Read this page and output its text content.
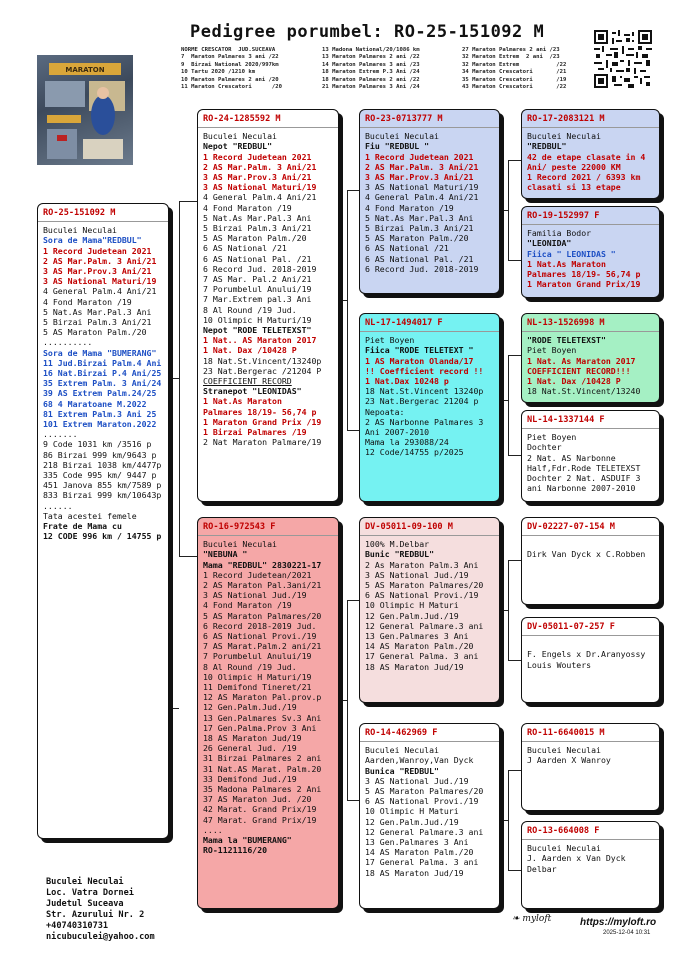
Pedigree porumbel: RO-25-151092 M
NORME CRESCATOR  JUD.SUCEAVA
7  Maraton Palmares 3 ani /22
9  Birzai National 2020/997km
10 Tartu 2020 /1210 km
10 Maraton Palmares 2 ani /20
11 Maraton Crescatori      /20
13 Madona National/20/1086 km
13 Maraton Palmares 2 ani /22
14 Maraton Palmares 3 ani /23
18 Maraton Extrem P.3 Ani /24
18 Maraton Palmares 2 ani /22
21 Maraton Palmares 3 Ani /24
27 Maraton Palmares 2 ani /23
32 Maraton Extrem  2 ani  /23
32 Maraton Extrem           /22
34 Maraton Crescatori       /21
35 Maraton Crescatori       /19
43 Maraton Crescatori       /22
MARATON
RO-25-151092 M
Buculei Neculai
Sora de Mama"REDBUL"
1 Record Judetean 2021
2 AS Mar.Palm. 3 Ani/21
3 AS Mar.Prov.3 Ani/21
3 AS National Maturi/19
4 General Palm.4 Ani/21
4 Fond Maraton /19
5 Nat.As Mar.Pal.3 Ani
5 Birzai Palm.3 Ani/21
5 AS Maraton Palm./20
..........
Sora de Mama "BUMERANG"
11 Jud.Birzai Palm.4 Ani
16 Nat.Birzai P.4 Ani/25
35 Extrem Palm. 3 Ani/24
39 AS Extrem Palm.24/25
68 4 Maratoane M.2022
81 Extrem Palm.3 Ani 25
101 Extrem Maraton.2022
.......
9 Code 1031 km /3516 p
86 Birzai 999 km/9643 p
218 Birzai 1038 km/4477p
335 Code 995 km/ 9447 p
451 Janova 855 km/7589 p
833 Birzai 999 km/10643p
......
Tata acestei femele
Frate de Mama cu
12 CODE 996 km / 14755 p
RO-24-1285592 M
Buculei Neculai
Nepot "REDBUL"
1 Record Judetean 2021
2 AS Mar.Palm. 3 Ani/21
3 AS Mar.Prov.3 Ani/21
3 AS National Maturi/19
4 General Palm.4 Ani/21
4 Fond Maraton /19
5 Nat.As Mar.Pal.3 Ani
5 Birzai Palm.3 Ani/21
5 AS Maraton Palm./20
6 AS National /21
6 AS National Pal. /21
6 Record Jud. 2018-2019
7 AS Mar. Pal.2 Ani/21
7 Porumbelul Anului/19
7 Mar.Extrem pal.3 Ani
8 Al Round /19 Jud.
10 Olimpic H Maturi/19
Nepot "RODE TELETEXST"
1 Nat.. AS Maraton 2017
1 Nat. Dax /10428 P
18 Nat.St.Vincent/13240p
23 Nat.Bergerac /21204 P
COEFFICIENT RECORD
Stranepot "LEONIDAS"
1 Nat.As Maraton
Palmares 18/19- 56,74 p
1 Maraton Grand Prix /19
1 Birzai Palmares /19
2 Nat Maraton Palmare/19
RO-16-972543 F
Buculei Neculai
"NEBUNA "
Mama "REDBUL" 2830221-17
1 Record Judetean/2021
2 AS Maraton Pal.3ani/21
3 AS National Jud./19
4 Fond Maraton /19
5 AS Maraton Palmares/20
6 Record 2018-2019 Jud.
6 AS National Provi./19
7 AS Marat.Palm.2 ani/21
7 Porumbelul Anului/19
8 Al Round /19 Jud.
10 Olimpic H Maturi/19
11 Demifond Tineret/21
12 AS Maraton Pal.prov.p
12 Gen.Palm.Jud./19
13 Gen.Palmares Sv.3 Ani
17 Gen.Palma.Prov 3 Ani
18 AS Maraton Jud/19
26 General Jud. /19
31 Birzai Palmares 2 ani
31 Nat.AS Marat. Palm.20
33 Demifond Jud./19
35 Madona Palmares 2 Ani
37 AS Maraton Jud. /20
42 Marat. Grand Prix/19
47 Marat. Grand Prix/19
....
Mama la "BUMERANG"
RO-1121116/20
RO-23-0713777 M
Buculei Neculai
Fiu "REDBUL "
1 Record Judetean 2021
2 AS Mar.Palm. 3 Ani/21
3 AS Mar.Prov.3 Ani/21
3 AS National Maturi/19
4 General Palm.4 Ani/21
4 Fond Maraton /19
5 Nat.As Mar.Pal.3 Ani
5 Birzai Palm.3 Ani/21
5 AS Maraton Palm./20
6 AS National /21
6 AS National Pal. /21
6 Record Jud. 2018-2019
NL-17-1494017 F
Piet Boyen
Fiica "RODE TELETEXT "
1 AS Maraton Olanda/17
!! Coefficient record !!
1 Nat.Dax 10248 p
18 Nat.St.Vincent 13240p
23 Nat.Bergerac 21204 p
Nepoata:
2 AS Narbonne Palmares 3
Ani 2007-2010
Mama la 293088/24
12 Code/14755 p/2025
DV-05011-09-100 M
100% M.Delbar
Bunic "REDBUL"
2 As Maraton Palm.3 Ani
3 AS National Jud./19
5 AS Maraton Palmares/20
6 AS National Provi./19
10 Olimpic H Maturi
12 Gen.Palm.Jud./19
12 General Palmare.3 ani
13 Gen.Palmares 3 Ani
14 AS Maraton Palm./20
17 General Palma. 3 ani
18 AS Maraton Jud/19
RO-14-462969 F
Buculei Neculai
Aarden,Wanroy,Van Dyck
Bunica "REDBUL"
3 AS National Jud./19
5 AS Maraton Palmares/20
6 AS National Provi./19
10 Olimpic H Maturi
12 Gen.Palm.Jud./19
12 General Palmare.3 ani
13 Gen.Palmares 3 Ani
14 AS Maraton Palm./20
17 General Palma. 3 ani
18 AS Maraton Jud/19
RO-17-2083121 M
Buculei Neculai
"REDBUL"
42 de etape clasate in 4
Ani/ peste 22000 KM
1 Record 2021 / 6393 km
clasati si 13 etape
RO-19-152997 F
Familia Bodor
"LEONIDA"
Fiica " LEONIDAS "
1 Nat.As Maraton
Palmares 18/19- 56,74 p
1 Maraton Grand Prix/19
NL-13-1526998 M
"RODE TELETEXST"
Piet Boyen
1 Nat. As Maraton 2017
COEFFICIENT RECORD!!!
1 Nat. Dax /10428 P
18 Nat.St.Vincent/13240
NL-14-1337144 F
Piet Boyen
Dochter
2 Nat. AS Narbonne
Half,Fdr.Rode TELETEXST
Dochter 2 Nat. ASDUIF 3
ani Narbonne 2007-2010
DV-02227-07-154 M

Dirk Van Dyck x C.Robben
DV-05011-07-257 F

F. Engels x Dr.Aranyossy
Louis Wouters
RO-11-6640015 M
Buculei Neculai
J Aarden X Wanroy
RO-13-664008 F
Buculei Neculai
J. Aarden x Van Dyck
Delbar
Buculei Neculai
Loc. Vatra Dornei
Judetul Suceava
Str. Azurului Nr. 2
+40740310731
nicubuculei@yahoo.com
❧ myloft	https://myloft.ro
2025-12-04 10:31
